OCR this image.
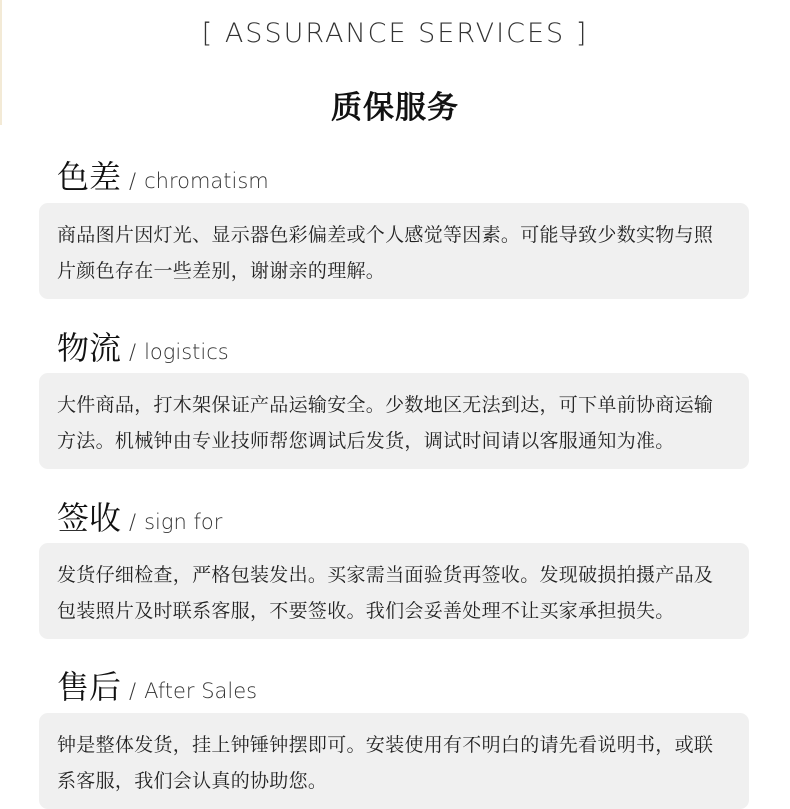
[ ASSURANCE SERVICES ]
质保服务
色差 / chromatism
商品图片因灯光、显示器色彩偏差或个人感觉等因素。可能导致少数实物与照片颜色存在一些差别，谢谢亲的理解。
物流 / logistics
大件商品，打木架保证产品运输安全。少数地区无法到达，可下单前协商运输方法。机械钟由专业技师帮您调试后发货，调试时间请以客服通知为准。
签收 / sign for
发货仔细检查，严格包装发出。买家需当面验货再签收。发现破损拍摄产品及包装照片及时联系客服，不要签收。我们会妥善处理不让买家承担损失。
售后 / After Sales
钟是整体发货，挂上钟锤钟摆即可。安装使用有不明白的请先看说明书，或联系客服，我们会认真的协助您。
